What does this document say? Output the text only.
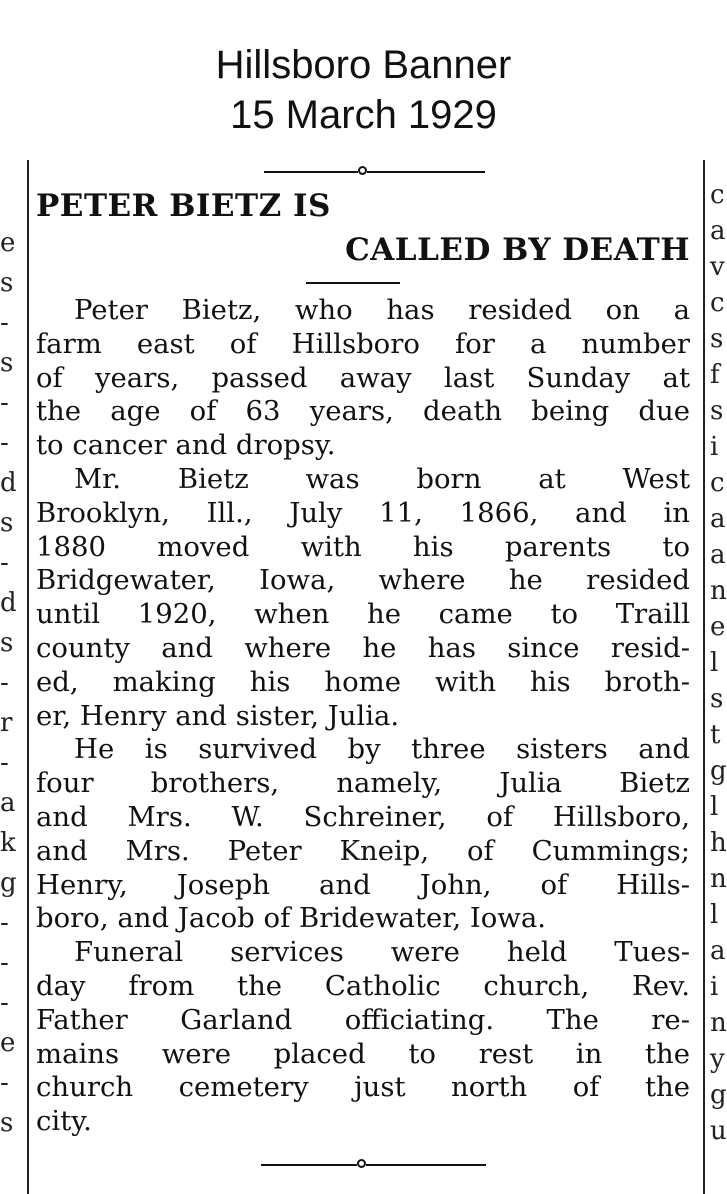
Hillsboro Banner
15 March 1929
e
s
-
s
-
-
d
s
-
d
s
-
r
-
a
k
g
-
-
-
e
-
s
c
a
v
c
s
f
s
i
c
a
a
n
e
l
s
t
g
l
h
n
l
a
i
n
y
g
u
PETER BIETZ IS
CALLED BY DEATH

Peter Bietz, who has resided on a
farm east of Hillsboro for a number
of years, passed away last Sunday at
the age of 63 years, death being due
to cancer and dropsy.

Mr. Bietz was born at West
Brooklyn, Ill., July 11, 1866, and in
1880 moved with his parents to
Bridgewater, Iowa, where he resided
until 1920, when he came to Traill
county and where he has since resid-
ed, making his home with his broth-
er, Henry and sister, Julia.

He is survived by three sisters and
four brothers, namely, Julia Bietz
and Mrs. W. Schreiner, of Hillsboro,
and Mrs. Peter Kneip, of Cummings;
Henry, Joseph and John, of Hills-
boro, and Jacob of Bridewater, Iowa.

Funeral services were held Tues-
day from the Catholic church, Rev.
Father Garland officiating. The re-
mains were placed to rest in the
church cemetery just north of the
city.
